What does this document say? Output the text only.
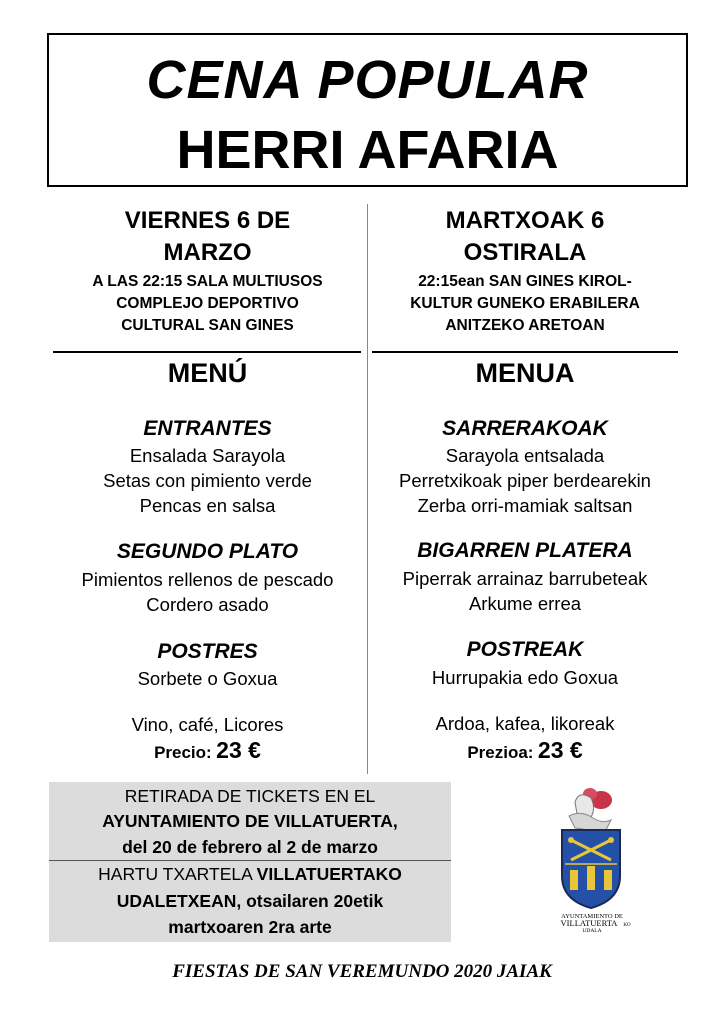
CENA POPULAR
HERRI AFARIA
VIERNES 6 DE
MARZO
A LAS 22:15 SALA MULTIUSOS
COMPLEJO DEPORTIVO
CULTURAL SAN GINES
MENÚ
ENTRANTES
Ensalada Sarayola
Setas con pimiento verde
Pencas en salsa
SEGUNDO PLATO
Pimientos rellenos de pescado
Cordero asado
POSTRES
Sorbete o Goxua
Vino, café, Licores
Precio: 23 €
MARTXOAK 6
OSTIRALA
22:15ean SAN GINES KIROL-
KULTUR GUNEKO ERABILERA
ANITZEKO ARETOAN
MENUA
SARRERAKOAK
Sarayola entsalada
Perretxikoak piper berdearekin
Zerba orri-mamiak saltsan
BIGARREN PLATERA
Piperrak arrainaz barrubeteak
Arkume errea
POSTREAK
Hurrupakia edo Goxua
Ardoa, kafea, likoreak
Prezioa: 23 €
RETIRADA DE TICKETS EN EL
AYUNTAMIENTO DE VILLATUERTA,
del 20 de febrero al 2 de marzo
HARTU TXARTELA VILLATUERTAKO
UDALETXEAN, otsailaren 20etik
martxoaren 2ra arte
AYUNTAMIENTO DE
VILLATUERTA KO
UDALA
FIESTAS DE SAN VEREMUNDO 2020 JAIAK
